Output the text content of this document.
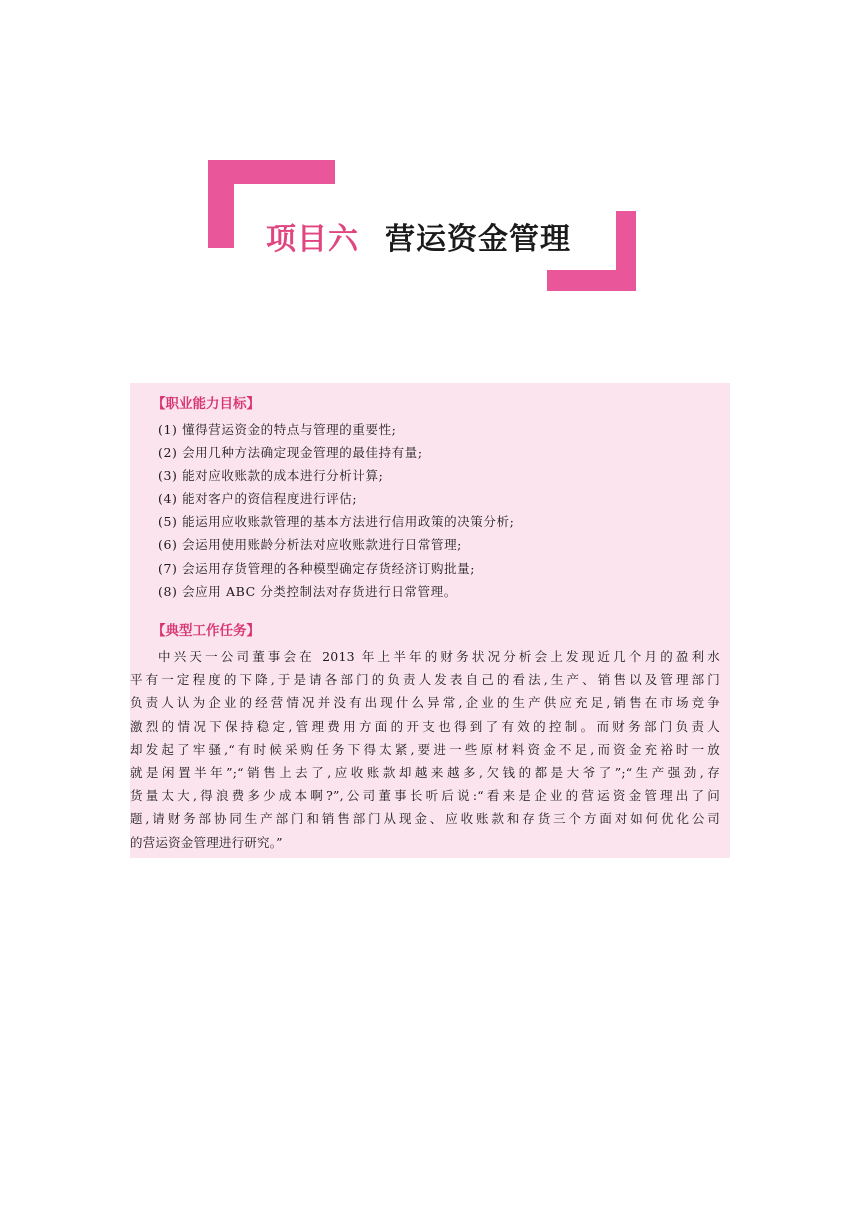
项目六 营运资金管理
【职业能力目标】
(1) 懂得营运资金的特点与管理的重要性;
(2) 会用几种方法确定现金管理的最佳持有量;
(3) 能对应收账款的成本进行分析计算;
(4) 能对客户的资信程度进行评估;
(5) 能运用应收账款管理的基本方法进行信用政策的决策分析;
(6) 会运用使用账龄分析法对应收账款进行日常管理;
(7) 会运用存货管理的各种模型确定存货经济订购批量;
(8) 会应用 ABC 分类控制法对存货进行日常管理。
【典型工作任务】
中兴天一公司董事会在 2013 年上半年的财务状况分析会上发现近几个月的盈利水
平有一定程度的下降,于是请各部门的负责人发表自己的看法,生产、销售以及管理部门
负责人认为企业的经营情况并没有出现什么异常,企业的生产供应充足,销售在市场竞争
激烈的情况下保持稳定,管理费用方面的开支也得到了有效的控制。而财务部门负责人
却发起了牢骚,“有时候采购任务下得太紧,要进一些原材料资金不足,而资金充裕时一放
就是闲置半年”;“销售上去了,应收账款却越来越多,欠钱的都是大爷了”;“生产强劲,存
货量太大,得浪费多少成本啊?”,公司董事长听后说:“看来是企业的营运资金管理出了问
题,请财务部协同生产部门和销售部门从现金、应收账款和存货三个方面对如何优化公司
的营运资金管理进行研究。”
